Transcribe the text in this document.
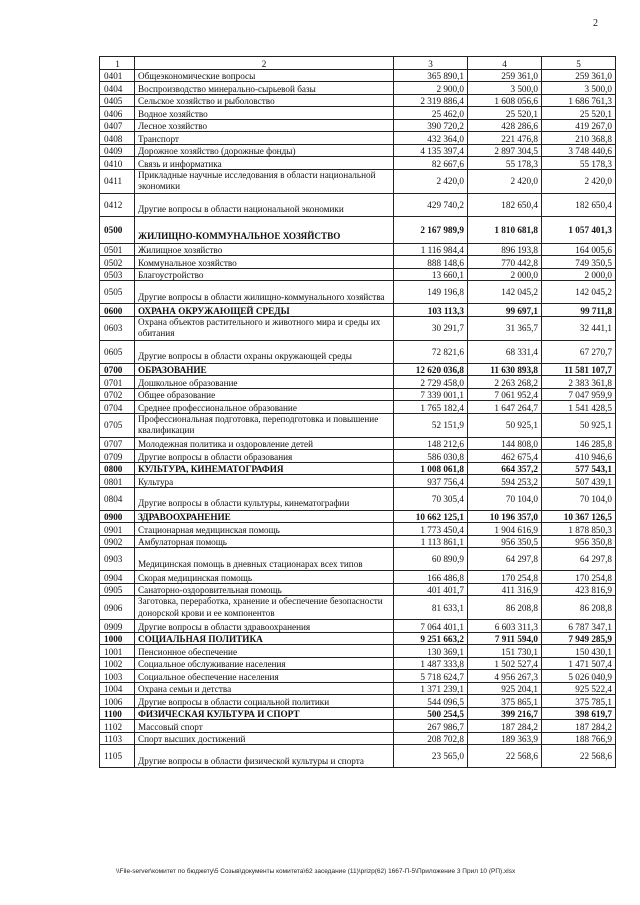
2
1	2	3	4	5
0401	Общеэкономические вопросы	365 890,1	259 361,0	259 361,0
0404	Воспроизводство минерально-сырьевой базы	2 900,0	3 500,0	3 500,0
0405	Сельское хозяйство и рыболовство	2 319 886,4	1 608 056,6	1 686 761,3
0406	Водное хозяйство	25 462,0	25 520,1	25 520,1
0407	Лесное хозяйство	390 720,2	428 286,6	419 267,0
0408	Транспорт	432 364,0	221 476,8	210 368,8
0409	Дорожное хозяйство (дорожные фонды)	4 135 397,4	2 897 304,5	3 748 440,6
0410	Связь и информатика	82 667,6	55 178,3	55 178,3
0411	Прикладные научные исследования в области национальной экономики	2 420,0	2 420,0	2 420,0
0412	Другие вопросы в области национальной экономики	429 740,2	182 650,4	182 650,4
0500	ЖИЛИЩНО-КОММУНАЛЬНОЕ ХОЗЯЙСТВО	2 167 989,9	1 810 681,8	1 057 401,3
0501	Жилищное хозяйство	1 116 984,4	896 193,8	164 005,6
0502	Коммунальное хозяйство	888 148,6	770 442,8	749 350,5
0503	Благоустройство	13 660,1	2 000,0	2 000,0
0505	Другие вопросы в области жилищно-коммунального хозяйства	149 196,8	142 045,2	142 045,2
0600	ОХРАНА ОКРУЖАЮЩЕЙ СРЕДЫ	103 113,3	99 697,1	99 711,8
0603	Охрана объектов растительного и животного мира и среды их обитания	30 291,7	31 365,7	32 441,1
0605	Другие вопросы в области охраны окружающей среды	72 821,6	68 331,4	67 270,7
0700	ОБРАЗОВАНИЕ	12 620 036,8	11 630 893,8	11 581 107,7
0701	Дошкольное образование	2 729 458,0	2 263 268,2	2 383 361,8
0702	Общее образование	7 339 001,1	7 061 952,4	7 047 959,9
0704	Среднее профессиональное образование	1 765 182,4	1 647 264,7	1 541 428,5
0705	Профессиональная подготовка, переподготовка и повышение квалификации	52 151,9	50 925,1	50 925,1
0707	Молодежная политика и оздоровление детей	148 212,6	144 808,0	146 285,8
0709	Другие вопросы в области образования	586 030,8	462 675,4	410 946,6
0800	КУЛЬТУРА, КИНЕМАТОГРАФИЯ	1 008 061,8	664 357,2	577 543,1
0801	Культура	937 756,4	594 253,2	507 439,1
0804	Другие вопросы в области культуры, кинематографии	70 305,4	70 104,0	70 104,0
0900	ЗДРАВООХРАНЕНИЕ	10 662 125,1	10 196 357,0	10 367 126,5
0901	Стационарная медицинская помощь	1 773 450,4	1 904 616,9	1 878 850,3
0902	Амбулаторная помощь	1 113 861,1	956 350,5	956 350,8
0903	Медицинская помощь в дневных стационарах всех типов	60 890,9	64 297,8	64 297,8
0904	Скорая медицинская помощь	166 486,8	170 254,8	170 254,8
0905	Санаторно-оздоровительная помощь	401 401,7	411 316,9	423 816,9
0906	Заготовка, переработка, хранение и обеспечение безопасности донорской крови и ее компонентов	81 633,1	86 208,8	86 208,8
0909	Другие вопросы в области здравоохранения	7 064 401,1	6 603 311,3	6 787 347,1
1000	СОЦИАЛЬНАЯ ПОЛИТИКА	9 251 663,2	7 911 594,0	7 949 285,9
1001	Пенсионное обеспечение	130 369,1	151 730,1	150 430,1
1002	Социальное обслуживание населения	1 487 333,8	1 502 527,4	1 471 507,4
1003	Социальное обеспечение населения	5 718 624,7	4 956 267,3	5 026 040,9
1004	Охрана семьи и детства	1 371 239,1	925 204,1	925 522,4
1006	Другие вопросы в области социальной политики	544 096,5	375 865,1	375 785,1
1100	ФИЗИЧЕСКАЯ КУЛЬТУРА И СПОРТ	500 254,5	399 216,7	398 619,7
1102	Массовый спорт	267 986,7	187 284,2	187 284,2
1103	Спорт высших достижений	208 702,8	189 363,9	188 766,9
1105	Другие вопросы в области физической культуры и спорта	23 565,0	22 568,6	22 568,6
\\File-server\комитет по бюджету\5 Созыв\документы комитета\62 заседание (11)\prizp(62) 1667-П-5\Приложение 3 Прил 10 (РП).xlsx
